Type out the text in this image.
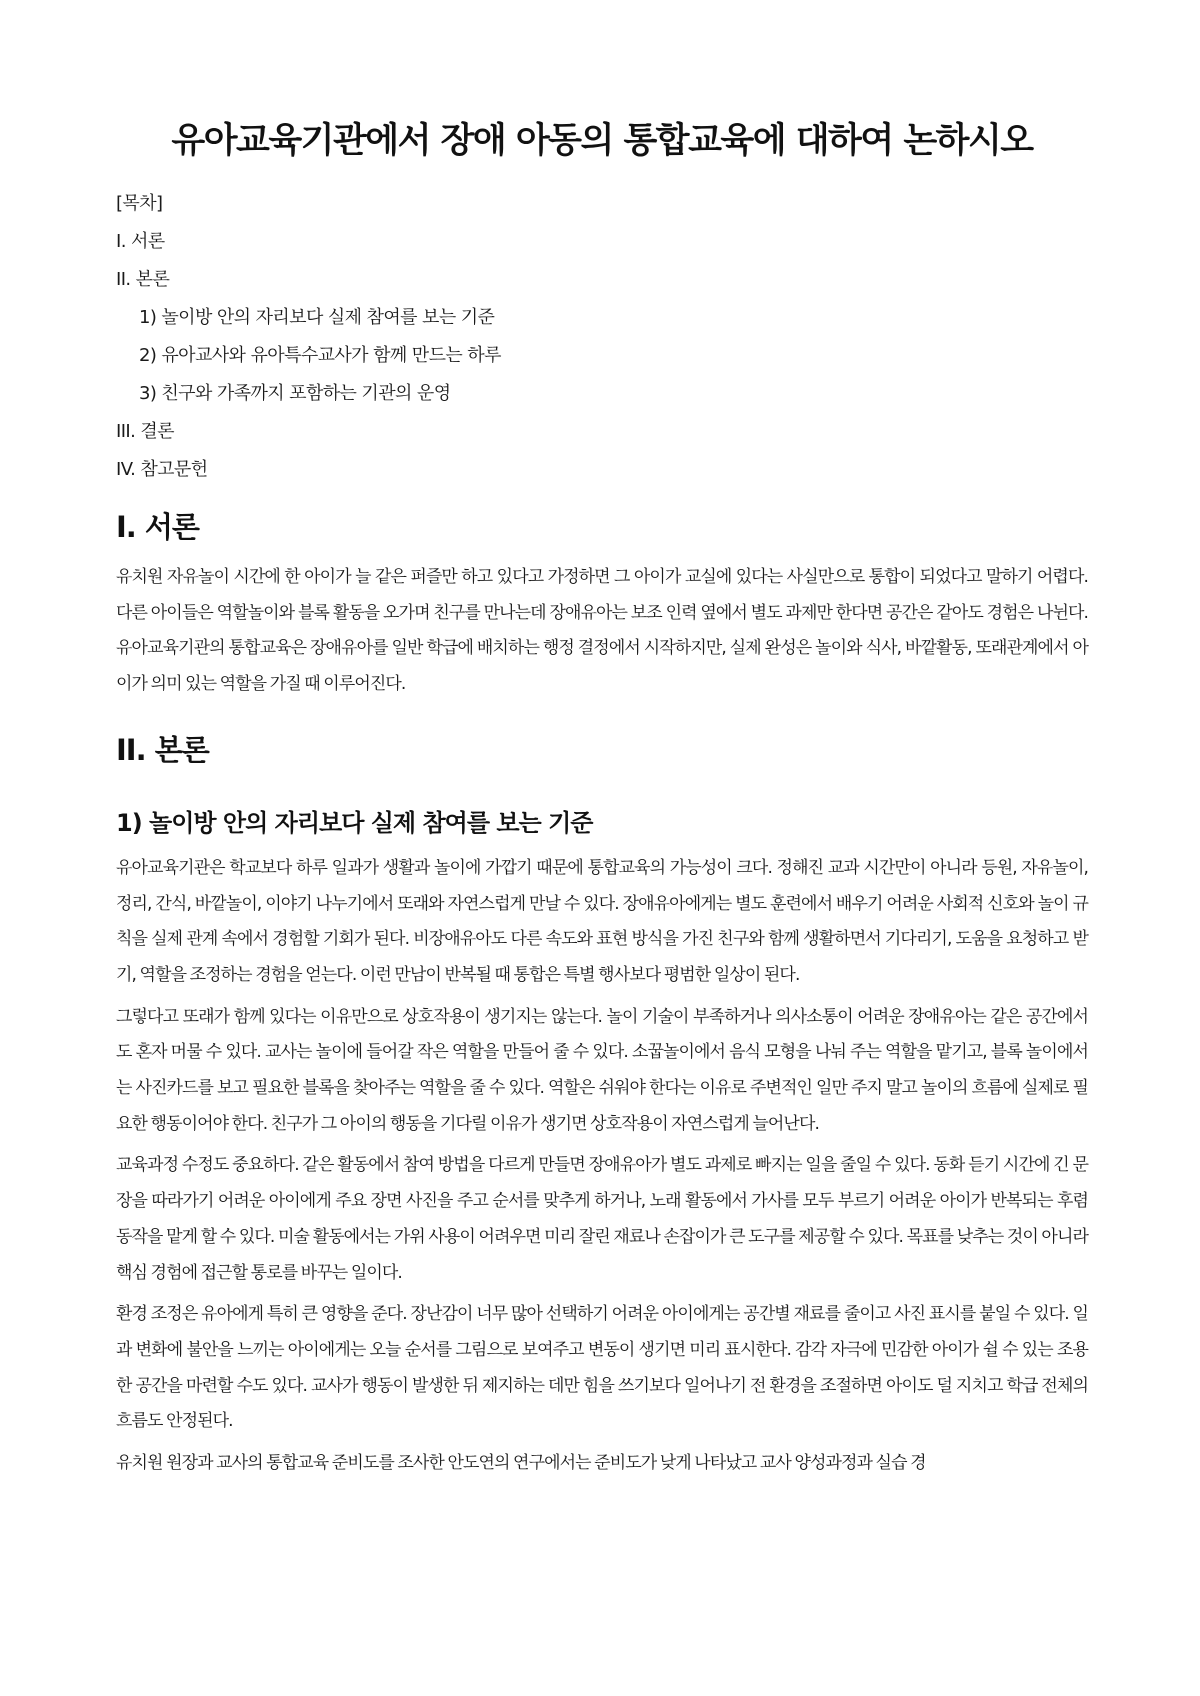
유아교육기관에서 장애 아동의 통합교육에 대하여 논하시오
[목차]
I. 서론
II. 본론
1) 놀이방 안의 자리보다 실제 참여를 보는 기준
2) 유아교사와 유아특수교사가 함께 만드는 하루
3) 친구와 가족까지 포함하는 기관의 운영
III. 결론
IV. 참고문헌
I. 서론

유치원 자유놀이 시간에 한 아이가 늘 같은 퍼즐만 하고 있다고 가정하면 그 아이가 교실에 있다는 사실만으로 통합이 되었다고 말하기 어렵다. 다른 아이들은 역할놀이와 블록 활동을 오가며 친구를 만나는데 장애유아는 보조 인력 옆에서 별도 과제만 한다면 공간은 같아도 경험은 나뉜다. 유아교육기관의 통합교육은 장애유아를 일반 학급에 배치하는 행정 결정에서 시작하지만, 실제 완성은 놀이와 식사, 바깥활동, 또래관계에서 아이가 의미 있는 역할을 가질 때 이루어진다.

II. 본론
1) 놀이방 안의 자리보다 실제 참여를 보는 기준

유아교육기관은 학교보다 하루 일과가 생활과 놀이에 가깝기 때문에 통합교육의 가능성이 크다. 정해진 교과 시간만이 아니라 등원, 자유놀이, 정리, 간식, 바깥놀이, 이야기 나누기에서 또래와 자연스럽게 만날 수 있다. 장애유아에게는 별도 훈련에서 배우기 어려운 사회적 신호와 놀이 규칙을 실제 관계 속에서 경험할 기회가 된다. 비장애유아도 다른 속도와 표현 방식을 가진 친구와 함께 생활하면서 기다리기, 도움을 요청하고 받기, 역할을 조정하는 경험을 얻는다. 이런 만남이 반복될 때 통합은 특별 행사보다 평범한 일상이 된다.

그렇다고 또래가 함께 있다는 이유만으로 상호작용이 생기지는 않는다. 놀이 기술이 부족하거나 의사소통이 어려운 장애유아는 같은 공간에서도 혼자 머물 수 있다. 교사는 놀이에 들어갈 작은 역할을 만들어 줄 수 있다. 소꿉놀이에서 음식 모형을 나눠 주는 역할을 맡기고, 블록 놀이에서는 사진카드를 보고 필요한 블록을 찾아주는 역할을 줄 수 있다. 역할은 쉬워야 한다는 이유로 주변적인 일만 주지 말고 놀이의 흐름에 실제로 필요한 행동이어야 한다. 친구가 그 아이의 행동을 기다릴 이유가 생기면 상호작용이 자연스럽게 늘어난다.

교육과정 수정도 중요하다. 같은 활동에서 참여 방법을 다르게 만들면 장애유아가 별도 과제로 빠지는 일을 줄일 수 있다. 동화 듣기 시간에 긴 문장을 따라가기 어려운 아이에게 주요 장면 사진을 주고 순서를 맞추게 하거나, 노래 활동에서 가사를 모두 부르기 어려운 아이가 반복되는 후렴 동작을 맡게 할 수 있다. 미술 활동에서는 가위 사용이 어려우면 미리 잘린 재료나 손잡이가 큰 도구를 제공할 수 있다. 목표를 낮추는 것이 아니라 핵심 경험에 접근할 통로를 바꾸는 일이다.

환경 조정은 유아에게 특히 큰 영향을 준다. 장난감이 너무 많아 선택하기 어려운 아이에게는 공간별 재료를 줄이고 사진 표시를 붙일 수 있다. 일과 변화에 불안을 느끼는 아이에게는 오늘 순서를 그림으로 보여주고 변동이 생기면 미리 표시한다. 감각 자극에 민감한 아이가 쉴 수 있는 조용한 공간을 마련할 수도 있다. 교사가 행동이 발생한 뒤 제지하는 데만 힘을 쓰기보다 일어나기 전 환경을 조절하면 아이도 덜 지치고 학급 전체의 흐름도 안정된다.

유치원 원장과 교사의 통합교육 준비도를 조사한 안도연의 연구에서는 준비도가 낮게 나타났고 교사 양성과정과 실습 경
